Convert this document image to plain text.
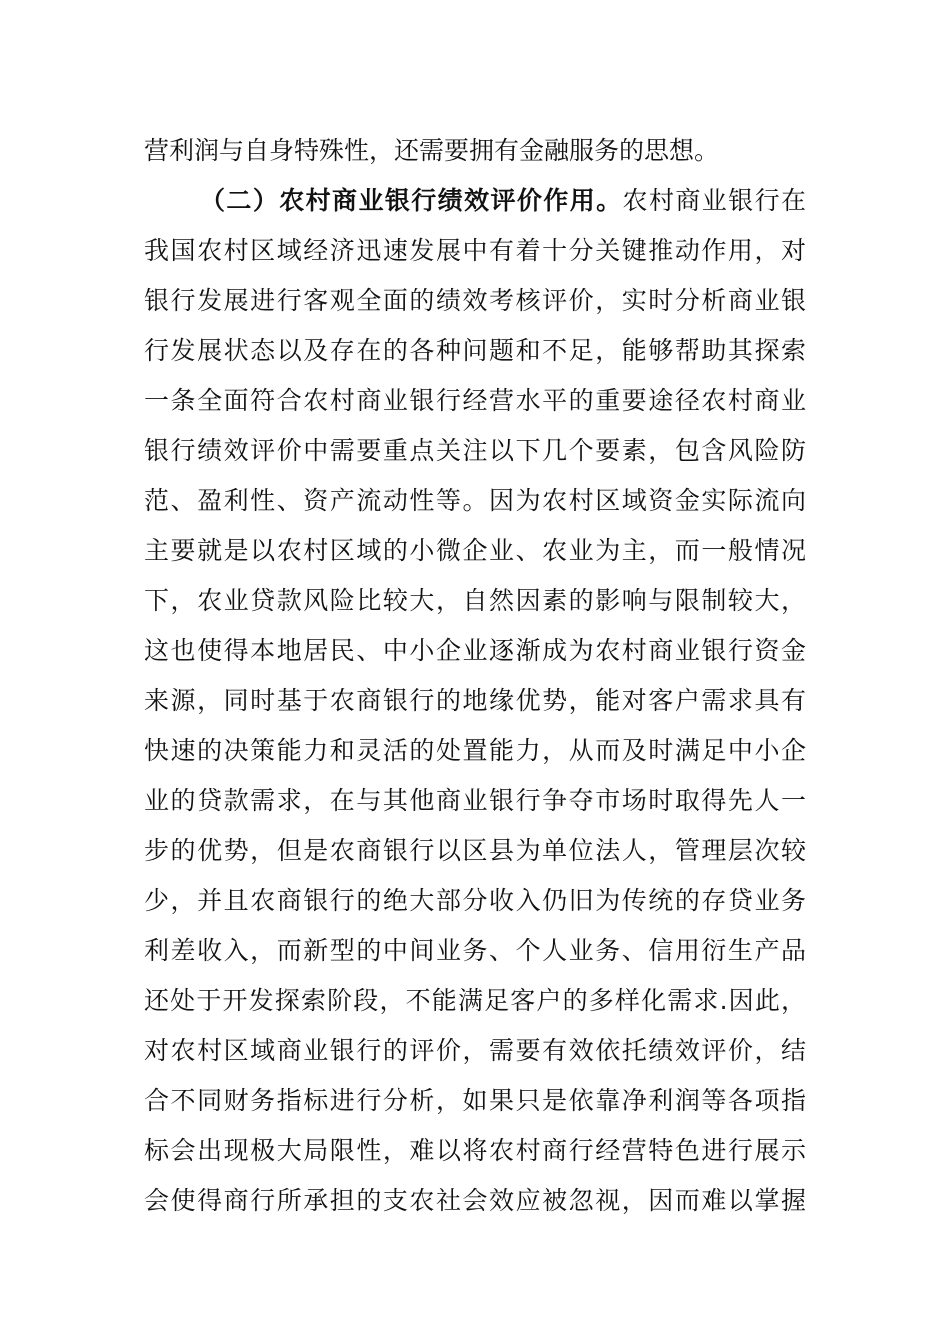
营利润与自身特殊性，还需要拥有金融服务的思想。
（二）农村商业银行绩效评价作用。农村商业银行在
我国农村区域经济迅速发展中有着十分关键推动作用，对
银行发展进行客观全面的绩效考核评价，实时分析商业银
行发展状态以及存在的各种问题和不足，能够帮助其探索
一条全面符合农村商业银行经营水平的重要途径农村商业
银行绩效评价中需要重点关注以下几个要素，包含风险防
范、盈利性、资产流动性等。因为农村区域资金实际流向
主要就是以农村区域的小微企业、农业为主，而一般情况
下，农业贷款风险比较大，自然因素的影响与限制较大，
这也使得本地居民、中小企业逐渐成为农村商业银行资金
来源，同时基于农商银行的地缘优势，能对客户需求具有
快速的决策能力和灵活的处置能力，从而及时满足中小企
业的贷款需求，在与其他商业银行争夺市场时取得先人一
步的优势，但是农商银行以区县为单位法人，管理层次较
少，并且农商银行的绝大部分收入仍旧为传统的存贷业务
利差收入，而新型的中间业务、个人业务、信用衍生产品
还处于开发探索阶段，不能满足客户的多样化需求.因此，
对农村区域商业银行的评价，需要有效依托绩效评价，结
合不同财务指标进行分析，如果只是依靠净利润等各项指
标会出现极大局限性，难以将农村商行经营特色进行展示
会使得商行所承担的支农社会效应被忽视，因而难以掌握
